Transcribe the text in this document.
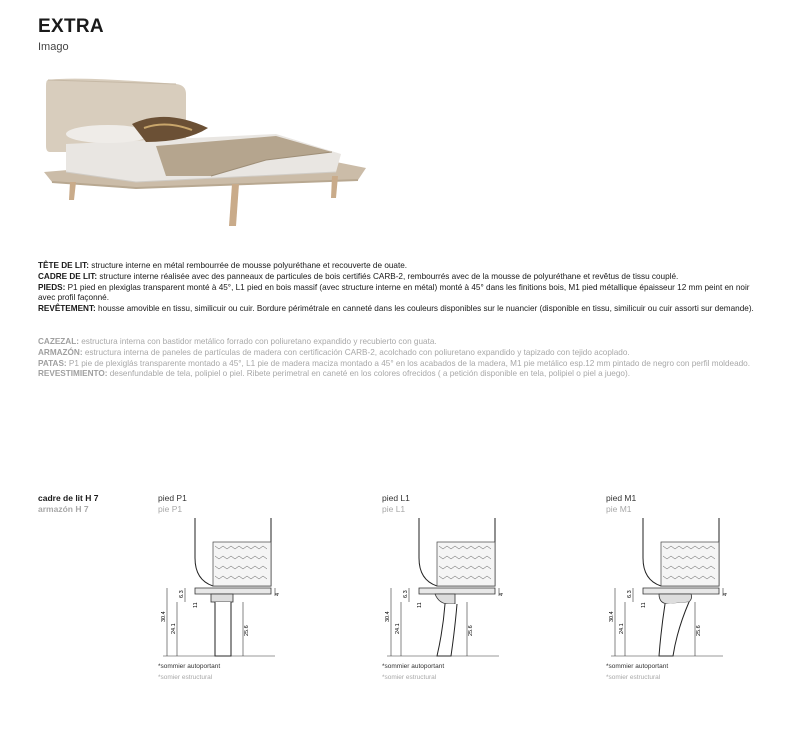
EXTRA
Imago

TÊTE DE LIT: structure interne en métal rembourrée de mousse polyuréthane et recouverte de ouate.

CADRE DE LIT: structure interne réalisée avec des panneaux de particules de bois certifiés CARB-2, rembourrés avec de la mousse de polyuréthane et revêtus de tissu couplé.

PIEDS: P1 pied en plexiglas transparent monté à 45°, L1 pied en bois massif (avec structure interne en métal) monté à 45° dans les finitions bois, M1 pied métallique épaisseur 12 mm peint en noir avec profil façonné.

REVÊTEMENT: housse amovible en tissu, simili​cuir ou cuir. Bordure périmétrale en canneté dans les couleurs disponibles sur le nuancier (disponible en tissu, simili​cuir ou cuir assorti sur demande).

CAZEZAL: estructura interna con bastidor metálico forrado con poliuretano expandido y recubierto con guata.

ARMAZÓN: estructura interna de paneles de partículas de madera con certificación CARB-2, acolchado con poliuretano expandido y tapizado con tejido acoplado.

PATAS: P1 pie de plexiglás transparente montado a 45°, L1 pie de madera maciza montado a 45° en los acabados de la madera, M1 pie metálico esp.12 mm pintado de negro con perfil moldeado.

REVESTIMIENTO: desenfundable de tela, polipiel o piel. Ribete perimetral en caneté en los colores ofrecidos ( a petición disponible en tela, polipiel o piel a juego).

cadre de lit H 7
armazón H 7
pied P1
pie P1
30.4
24.1
6.3
11
25.6
4
*sommier autoportant
*somier estructural
pied L1
pie L1
30.4
24.1
6.3
11
25.6
4
*sommier autoportant
*somier estructural
pied M1
pie M1
30.4
24.1
6.3
11
25.6
4
*sommier autoportant
*somier estructural
